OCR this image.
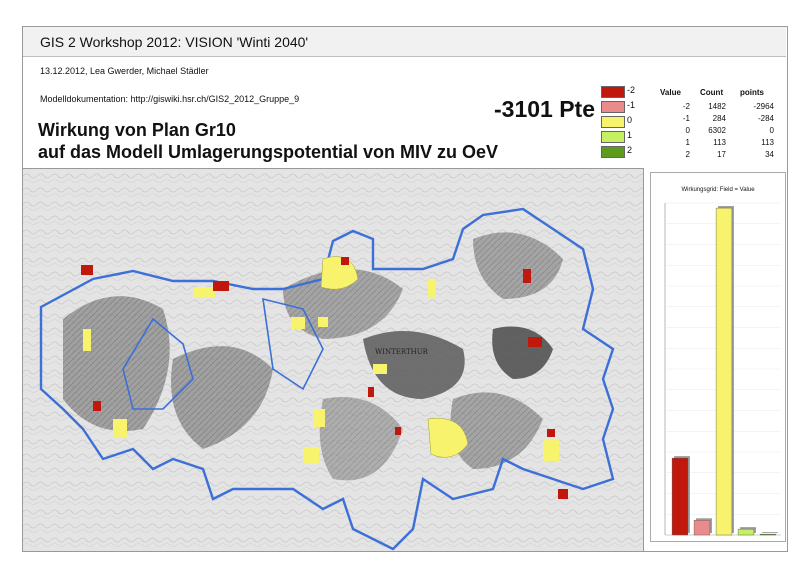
GIS 2 Workshop 2012: VISION 'Winti 2040'
13.12.2012, Lea Gwerder, Michael Städler
Modelldokumentation: http://giswiki.hsr.ch/GIS2_2012_Gruppe_9
Wirkung von Plan Gr10
auf das Modell Umlagerungspotential von MIV zu OeV
-3101 Pte
-2
-1
0
1
2
Value Count points
-2	1482	-2964
-1	284	-284
0	6302	0
1	113	113
2	17	34
WINTERTHUR
Wirkungsgrid: Field = Value
